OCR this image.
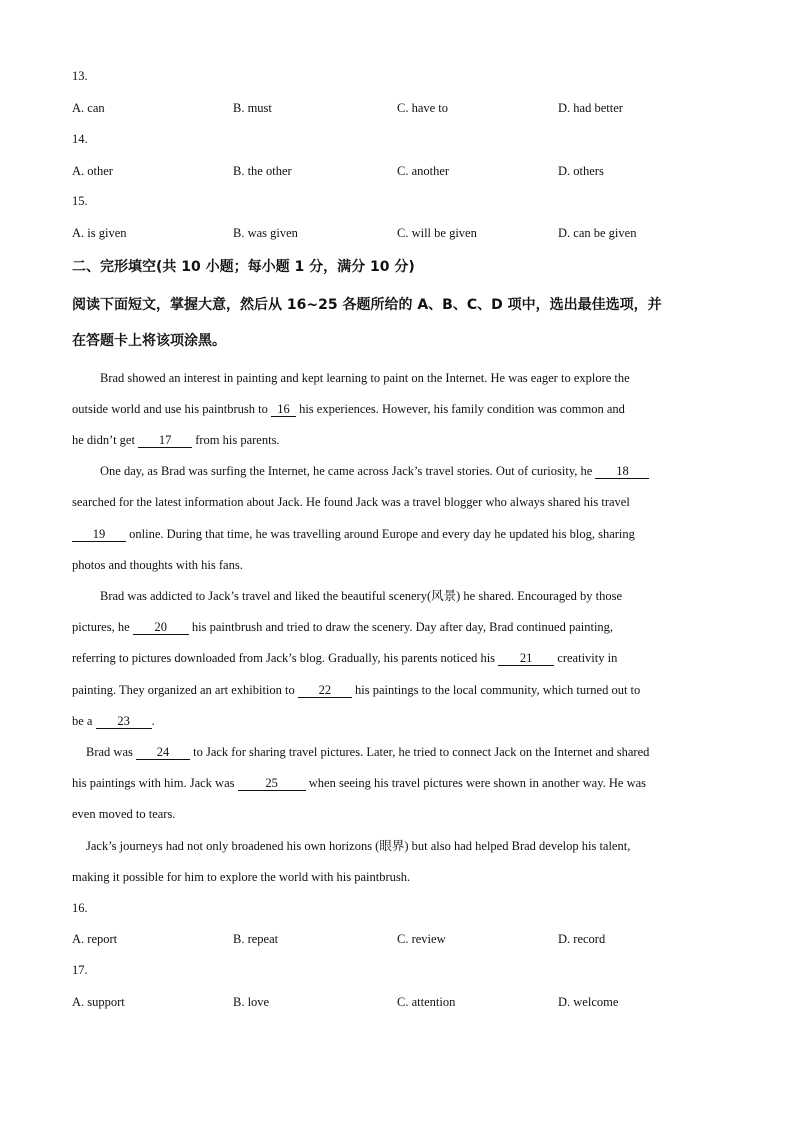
13.
A. can	B. must	C. have to	D. had better
14.
A. other	B. the other	C. another	D. others
15.
A. is given	B. was given	C. will be given	D. can be given
二、完形填空(共 10 小题；每小题 1 分，满分 10 分)
阅读下面短文，掌握大意，然后从 16~25 各题所给的 A、B、C、D 项中，选出最佳选项，并
在答题卡上将该项涂黑。
Brad showed an interest in painting and kept learning to paint on the Internet. He was eager to explore the
outside world and use his paintbrush to 16 his experiences. However, his family condition was common and
he didn’t get 17 from his parents.
One day, as Brad was surfing the Internet, he came across Jack’s travel stories. Out of curiosity, he 18
searched for the latest information about Jack. He found Jack was a travel blogger who always shared his travel
19 online. During that time, he was travelling around Europe and every day he updated his blog, sharing
photos and thoughts with his fans.
Brad was addicted to Jack’s travel and liked the beautiful scenery(风景) he shared. Encouraged by those
pictures, he 20 his paintbrush and tried to draw the scenery. Day after day, Brad continued painting,
referring to pictures downloaded from Jack’s blog. Gradually, his parents noticed his 21 creativity in
painting. They organized an art exhibition to 22 his paintings to the local community, which turned out to
be a 23 .
Brad was 24 to Jack for sharing travel pictures. Later, he tried to connect Jack on the Internet and shared
his paintings with him. Jack was 25 when seeing his travel pictures were shown in another way. He was
even moved to tears.
Jack’s journeys had not only broadened his own horizons (眼界) but also had helped Brad develop his talent,
making it possible for him to explore the world with his paintbrush.
16.
A. report	B. repeat	C. review	D. record
17.
A. support	B. love	C. attention	D. welcome
